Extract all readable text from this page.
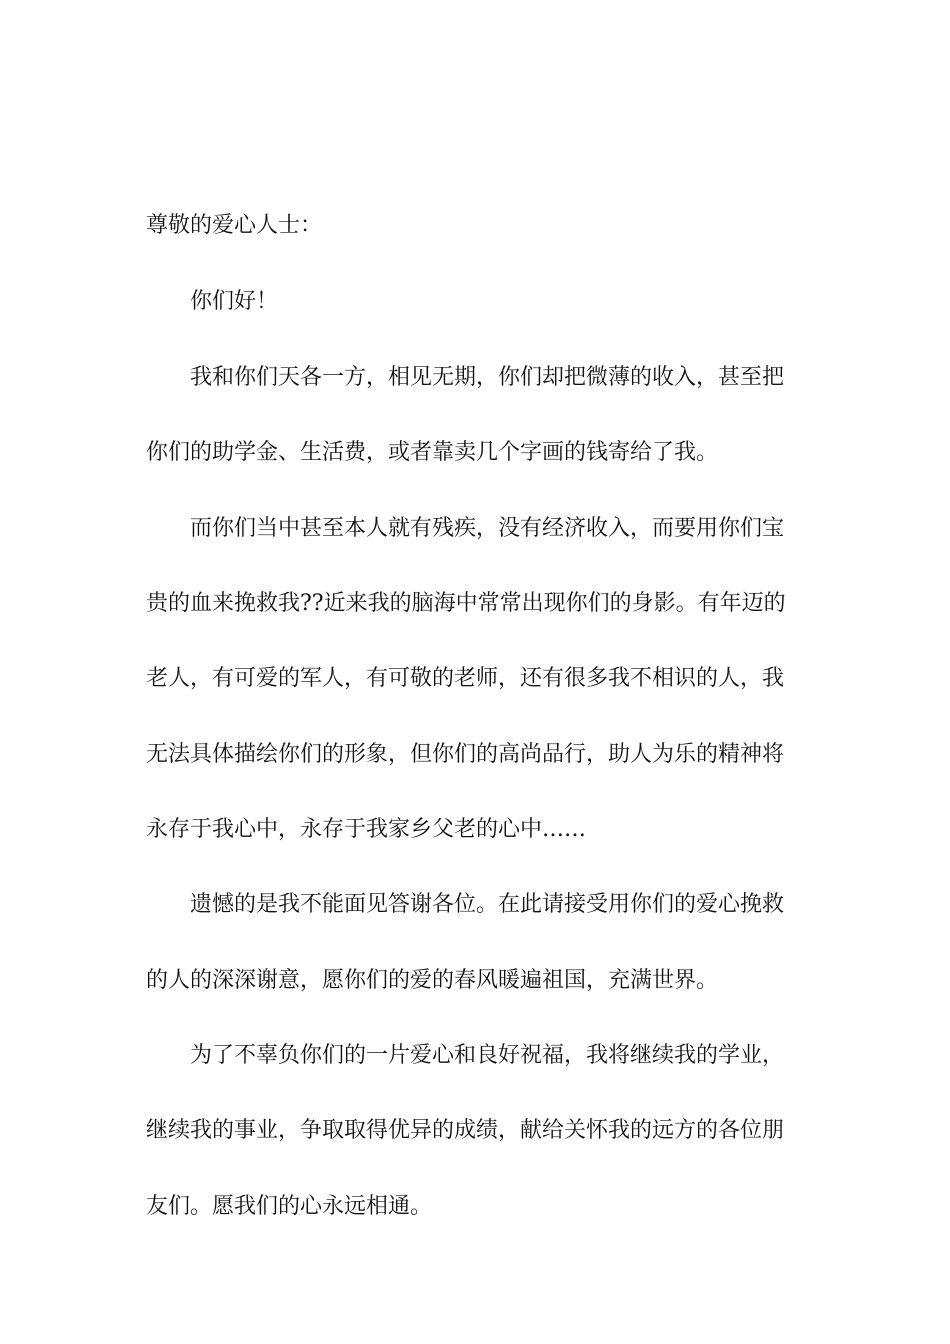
尊敬的爱心人士：
你们好！
我和你们天各一方，相见无期，你们却把微薄的收入，甚至把
你们的助学金、生活费，或者靠卖几个字画的钱寄给了我。
而你们当中甚至本人就有残疾，没有经济收入，而要用你们宝
贵的血来挽救我??近来我的脑海中常常出现你们的身影。有年迈的
老人，有可爱的军人，有可敬的老师，还有很多我不相识的人，我
无法具体描绘你们的形象，但你们的高尚品行，助人为乐的精神将
永存于我心中，永存于我家乡父老的心中……
遗憾的是我不能面见答谢各位。在此请接受用你们的爱心挽救
的人的深深谢意，愿你们的爱的春风暖遍祖国，充满世界。
为了不辜负你们的一片爱心和良好祝福，我将继续我的学业，
继续我的事业，争取取得优异的成绩，献给关怀我的远方的各位朋
友们。愿我们的心永远相通。
